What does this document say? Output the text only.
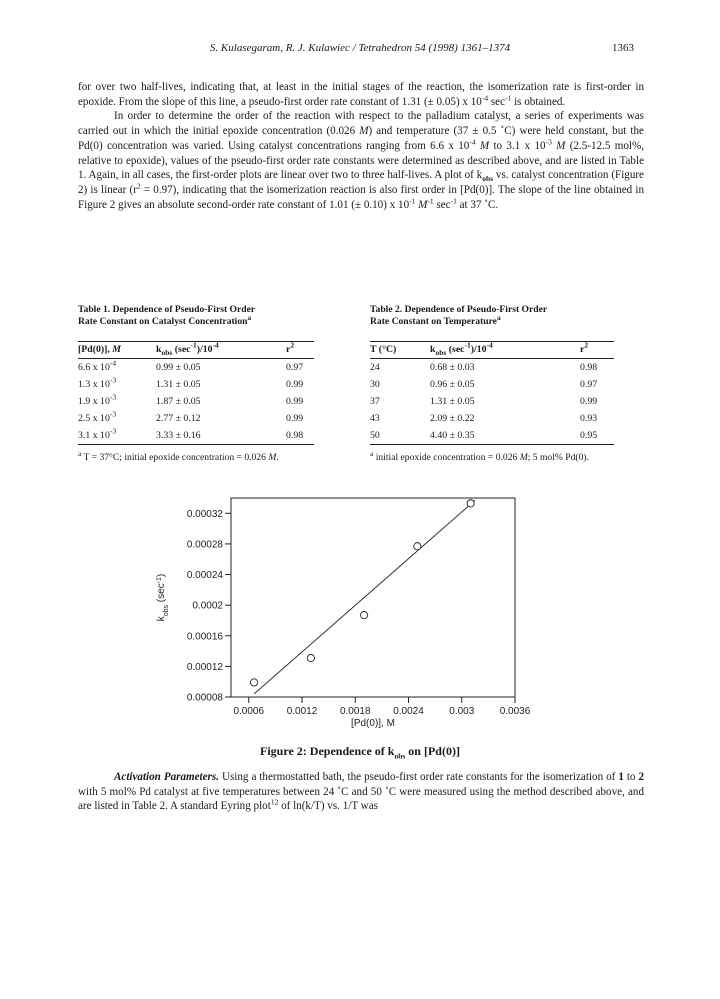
S. Kulasegaram, R. J. Kulawiec / Tetrahedron 54 (1998) 1361–1374	1363

for over two half-lives, indicating that, at least in the initial stages of the reaction, the isomerization rate is first-order in epoxide. From the slope of this line, a pseudo-first order rate constant of 1.31 (± 0.05) x $10^{-4}$ $\sec^{-1}$ is obtained.

In order to determine the order of the reaction with respect to the palladium catalyst, a series of experiments was carried out in which the initial epoxide concentration (0.026 M) and temperature (37 ± 0.5 ˚C) were held constant, but the Pd(0) concentration was varied. Using catalyst concentrations ranging from 6.6 x $10^{-4}$ M to 3.1 x $10^{-3}$ M (2.5-12.5 mol%, relative to epoxide), values of the pseudo-first order rate constants were determined as described above, and are listed in Table 1. Again, in all cases, the first-order plots are linear over two to three half-lives. A plot of $k_{obs}$ vs. catalyst concentration (Figure 2) is linear $(r^2 = 0.97)$, indicating that the isomerization reaction is also first order in [Pd(0)]. The slope of the line obtained in Figure 2 gives an absolute second-order rate constant of 1.01 (± 0.10) x $10^{-1}$ $M^{-1}$ $\sec^{-1}$ at 37 ˚C.

Table 1. Dependence of Pseudo-First Order
Rate Constant on Catalyst Concentration$^a$
[Pd(0)], M	$k_{obs}$ $(\sec^{-1})/10^{-4}$	$r^2$
6.6 x $10^{-4}$	0.99 ± 0.05	0.97
1.3 x $10^{-3}$	1.31 ± 0.05	0.99
1.9 x $10^{-3}$	1.87 ± 0.05	0.99
2.5 x $10^{-3}$	2.77 ± 0.12	0.99
3.1 x $10^{-3}$	3.33 ± 0.16	0.98
$^a$ T = 37°C; initial epoxide concentration = 0.026 M.
Table 2. Dependence of Pseudo-First Order
Rate Constant on Temperature$^a$
T (°C)	$k_{obs}$ $(\sec^{-1})/10^{-4}$	$r^2$
24	0.68 ± 0.03	0.98
30	0.96 ± 0.05	0.97
37	1.31 ± 0.05	0.99
43	2.09 ± 0.22	0.93
50	4.40 ± 0.35	0.95
$^a$ initial epoxide concentration = 0.026 M; 5 mol% Pd(0).
0.0006 0.0012 0.0018 0.0024	0.003	0.0036
0.00008
0.00012
0.00016
0.0002
0.00024
0.00028
0.00032
[Pd(0)], M
$k_{obs}$ $(\sec^{-1})$
Figure 2: Dependence of $k_{obs}$ on [Pd(0)]

Activation Parameters. Using a thermostatted bath, the pseudo-first order rate constants for the isomerization of 1 to 2 with 5 mol% Pd catalyst at five temperatures between 24 ˚C and 50 ˚C were measured using the method described above, and are listed in Table 2. A standard Eyring plot$^{12}$ of ln(k/T) vs. 1/T was
